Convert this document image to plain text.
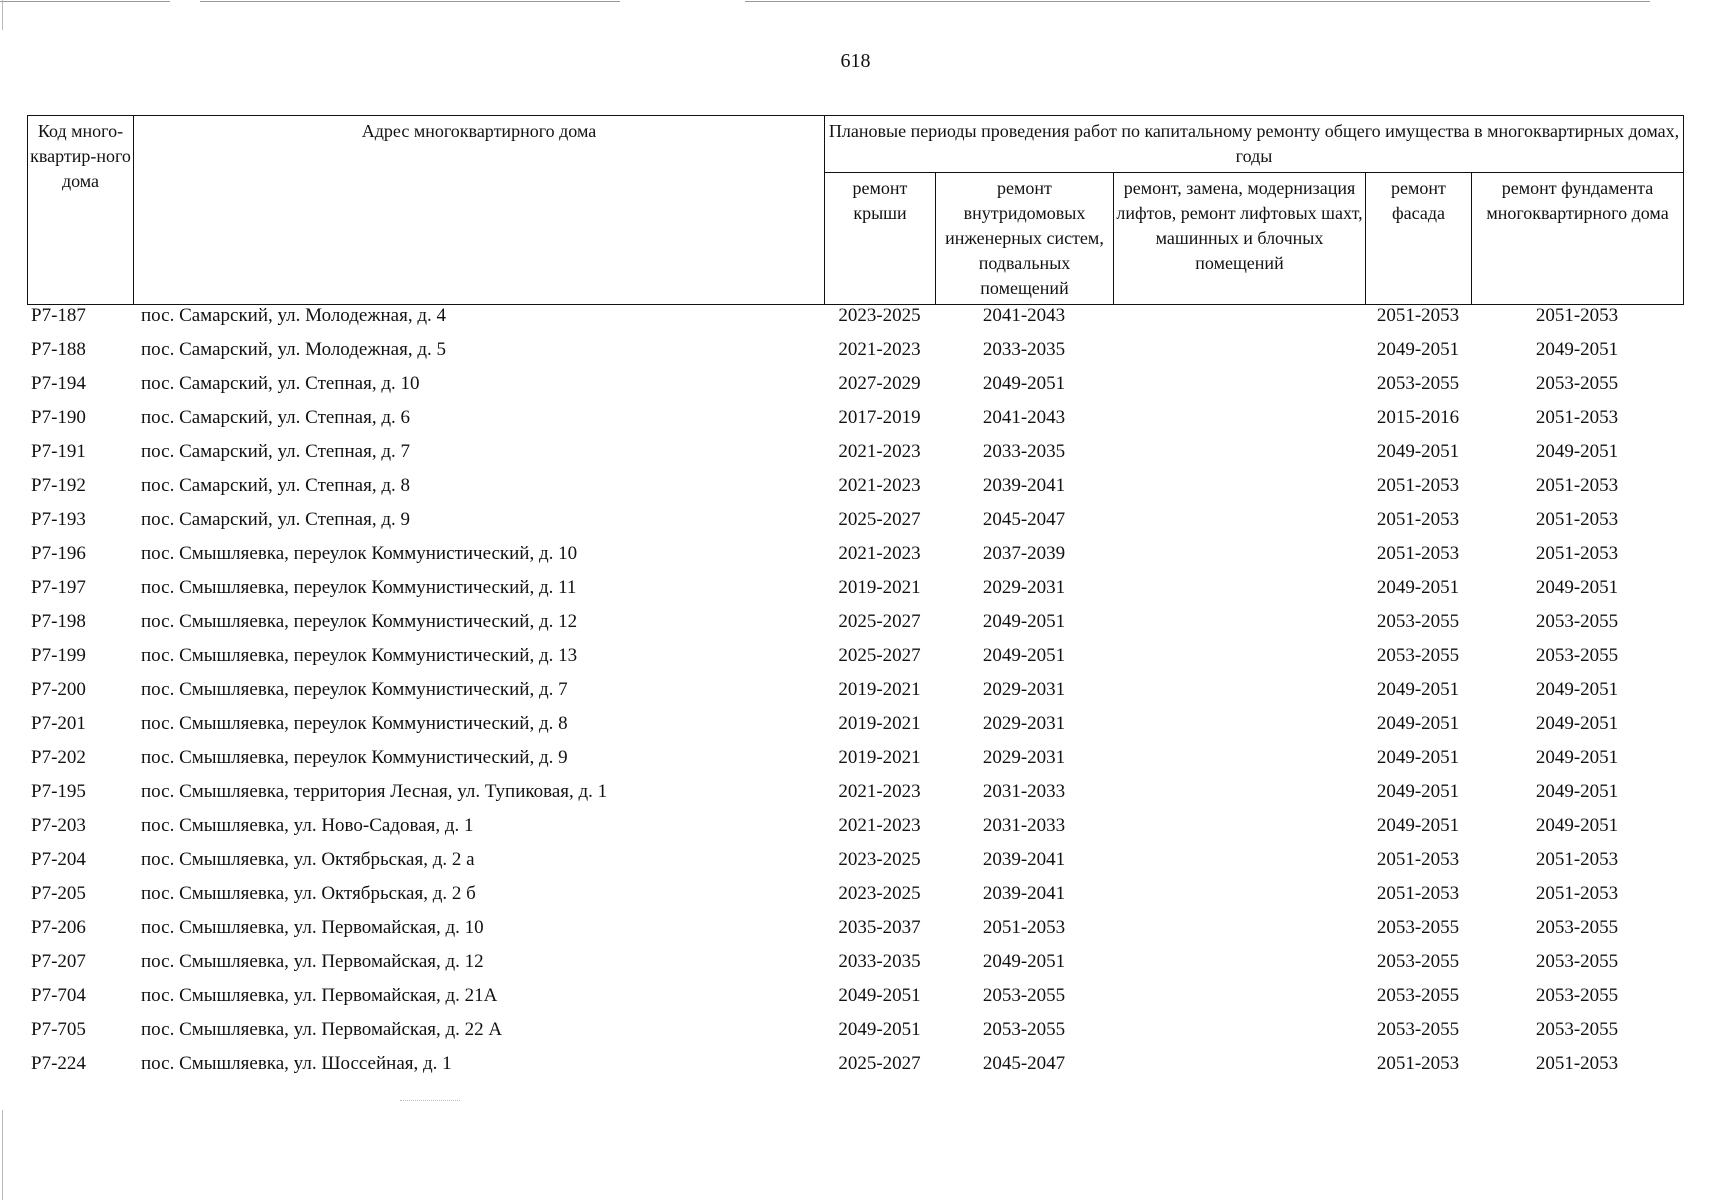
618
Код много-квартир-ного дома	Адрес многоквартирного дома	Плановые периоды проведения работ по капитальному ремонту общего имущества в многоквартирных домах, годы				
		ремонт крыши	ремонт внутридомовых инженерных систем, подвальных помещений	ремонт, замена, модернизация лифтов, ремонт лифтовых шахт, машинных и блочных помещений	ремонт фасада	ремонт фундамента многоквартирного дома
Р7-187	пос. Самарский, ул. Молодежная, д. 4	2023-2025	2041-2043		2051-2053	2051-2053
Р7-188	пос. Самарский, ул. Молодежная, д. 5	2021-2023	2033-2035		2049-2051	2049-2051
Р7-194	пос. Самарский, ул. Степная, д. 10	2027-2029	2049-2051		2053-2055	2053-2055
Р7-190	пос. Самарский, ул. Степная, д. 6	2017-2019	2041-2043		2015-2016	2051-2053
Р7-191	пос. Самарский, ул. Степная, д. 7	2021-2023	2033-2035		2049-2051	2049-2051
Р7-192	пос. Самарский, ул. Степная, д. 8	2021-2023	2039-2041		2051-2053	2051-2053
Р7-193	пос. Самарский, ул. Степная, д. 9	2025-2027	2045-2047		2051-2053	2051-2053
Р7-196	пос. Смышляевка, переулок Коммунистический, д. 10	2021-2023	2037-2039		2051-2053	2051-2053
Р7-197	пос. Смышляевка, переулок Коммунистический, д. 11	2019-2021	2029-2031		2049-2051	2049-2051
Р7-198	пос. Смышляевка, переулок Коммунистический, д. 12	2025-2027	2049-2051		2053-2055	2053-2055
Р7-199	пос. Смышляевка, переулок Коммунистический, д. 13	2025-2027	2049-2051		2053-2055	2053-2055
Р7-200	пос. Смышляевка, переулок Коммунистический, д. 7	2019-2021	2029-2031		2049-2051	2049-2051
Р7-201	пос. Смышляевка, переулок Коммунистический, д. 8	2019-2021	2029-2031		2049-2051	2049-2051
Р7-202	пос. Смышляевка, переулок Коммунистический, д. 9	2019-2021	2029-2031		2049-2051	2049-2051
Р7-195	пос. Смышляевка, территория Лесная, ул. Тупиковая, д. 1	2021-2023	2031-2033		2049-2051	2049-2051
Р7-203	пос. Смышляевка, ул. Ново-Садовая, д. 1	2021-2023	2031-2033		2049-2051	2049-2051
Р7-204	пос. Смышляевка, ул. Октябрьская, д. 2 а	2023-2025	2039-2041		2051-2053	2051-2053
Р7-205	пос. Смышляевка, ул. Октябрьская, д. 2 б	2023-2025	2039-2041		2051-2053	2051-2053
Р7-206	пос. Смышляевка, ул. Первомайская, д. 10	2035-2037	2051-2053		2053-2055	2053-2055
Р7-207	пос. Смышляевка, ул. Первомайская, д. 12	2033-2035	2049-2051		2053-2055	2053-2055
Р7-704	пос. Смышляевка, ул. Первомайская, д. 21А	2049-2051	2053-2055		2053-2055	2053-2055
Р7-705	пос. Смышляевка, ул. Первомайская, д. 22 А	2049-2051	2053-2055		2053-2055	2053-2055
Р7-224	пос. Смышляевка, ул. Шоссейная, д. 1	2025-2027	2045-2047		2051-2053	2051-2053
